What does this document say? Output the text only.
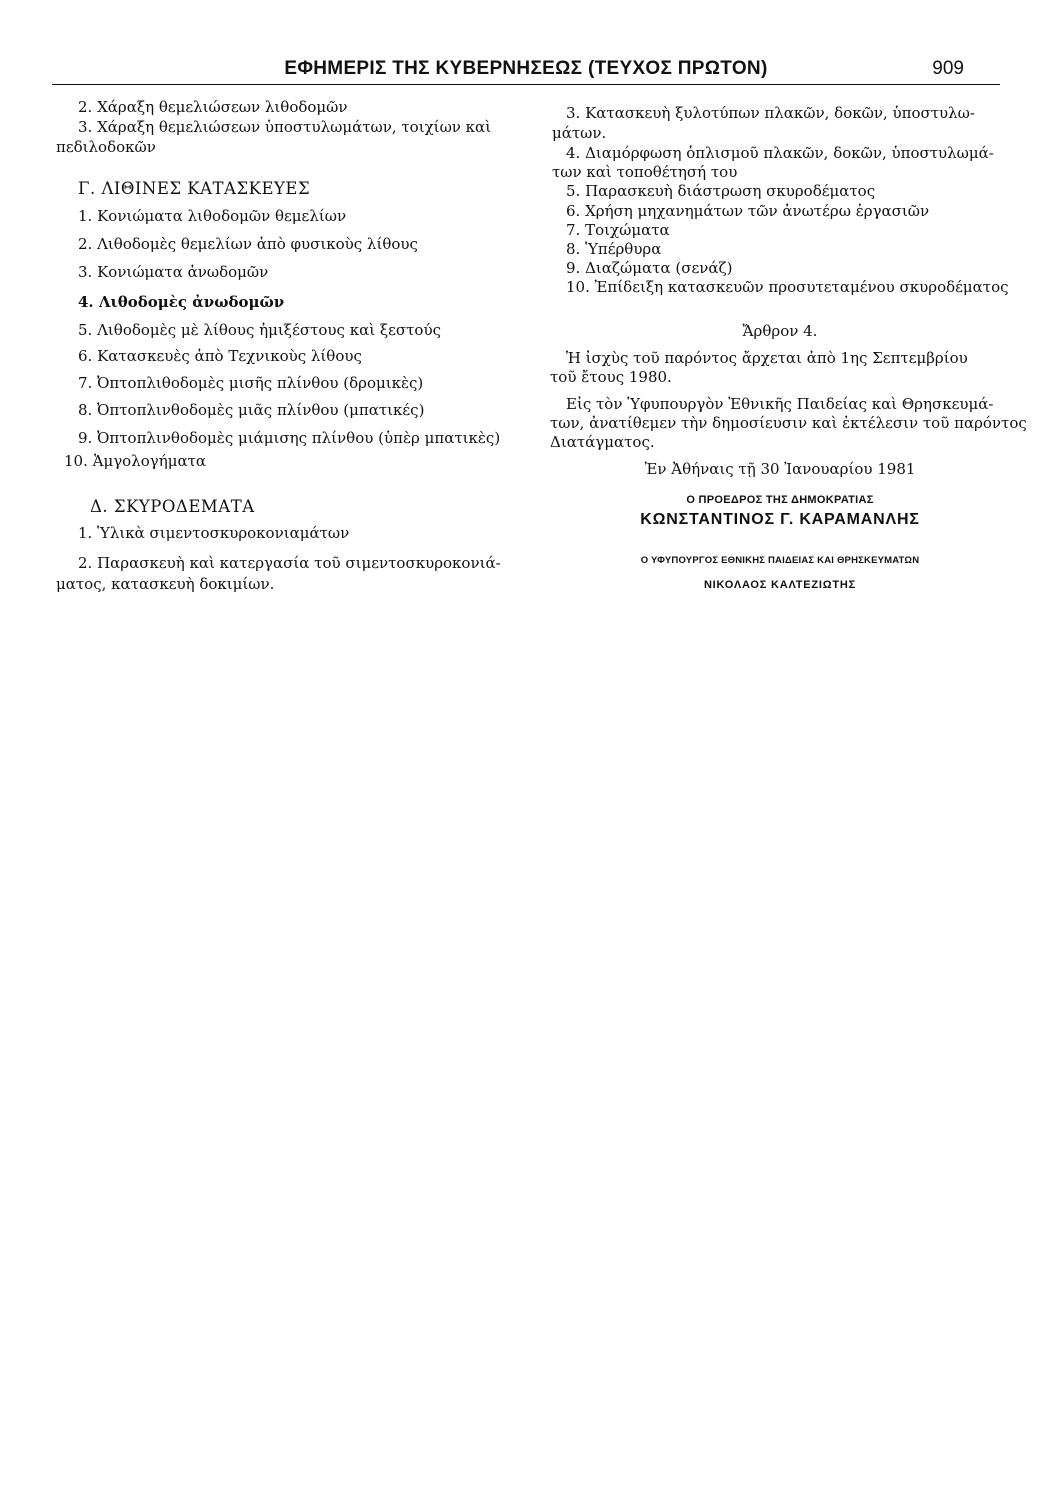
ΕΦΗΜΕΡΙΣ ΤΗΣ ΚΥΒΕΡΝΗΣΕΩΣ (ΤΕΥΧΟΣ ΠΡΩΤΟΝ)	909
2. Χάραξη θεμελιώσεων λιθοδομῶν
3. Χάραξη θεμελιώσεων ὑποστυλωμάτων, τοιχίων καὶ
πεδιλοδοκῶν
Γ. ΛΙΘΙΝΕΣ ΚΑΤΑΣΚΕΥΕΣ
1. Κονιώματα λιθοδομῶν θεμελίων
2. Λιθοδομὲς θεμελίων ἀπὸ φυσικοὺς λίθους
3. Κονιώματα ἀνωδομῶν
4. Λιθοδομὲς ἀνωδομῶν
5. Λιθοδομὲς μὲ λίθους ἡμιξέστους καὶ ξεστούς
6. Κατασκευὲς ἀπὸ Τεχνικοὺς λίθους
7. Ὀπτοπλιθοδομὲς μισῆς πλίνθου (δρομικὲς)
8. Ὀπτοπλινθοδομὲς μιᾶς πλίνθου (μπατικές)
9. Ὀπτοπλινθοδομὲς μιάμισης πλίνθου (ὑπὲρ μπατικὲς)
10. Ἁμγολογήματα
Δ. ΣΚΥΡΟΔΕΜΑΤΑ
1. Ὑλικὰ σιμεντοσκυροκονιαμάτων
2. Παρασκευὴ καὶ κατεργασία τοῦ σιμεντοσκυροκονιά-
ματος, κατασκευὴ δοκιμίων.
3. Κατασκευὴ ξυλοτύπων πλακῶν, δοκῶν, ὑποστυλω-
μάτων.
4. Διαμόρφωση ὁπλισμοῦ πλακῶν, δοκῶν, ὑποστυλωμά-
των καὶ τοποθέτησή του
5. Παρασκευὴ διάστρωση σκυροδέματος
6. Χρήση μηχανημάτων τῶν ἀνωτέρω ἐργασιῶν
7. Τοιχώματα
8. Ὑπέρθυρα
9. Διαζώματα (σενάζ)
10. Ἐπίδειξη κατασκευῶν προσυτεταμένου σκυροδέματος
Ἄρθρον 4.
Ἡ ἰσχὺς τοῦ παρόντος ἄρχεται ἀπὸ 1ης Σεπτεμβρίου
τοῦ ἔτους 1980.
Εἰς τὸν Ὑφυπουργὸν Ἐθνικῆς Παιδείας καὶ Θρησκευμά-
των, ἀνατίθεμεν τὴν δημοσίευσιν καὶ ἐκτέλεσιν τοῦ παρόντος
Διατάγματος.
Ἐν Ἀθήναις τῇ 30 Ἰανουαρίου 1981
Ο ΠΡΟΕΔΡΟΣ ΤΗΣ ΔΗΜΟΚΡΑΤΙΑΣ
ΚΩΝΣΤΑΝΤΙΝΟΣ Γ. ΚΑΡΑΜΑΝΛΗΣ
Ο ΥΦΥΠΟΥΡΓΟΣ ΕΘΝΙΚΗΣ ΠΑΙΔΕΙΑΣ ΚΑΙ ΘΡΗΣΚΕΥΜΑΤΩΝ
ΝΙΚΟΛΑΟΣ ΚΑΛΤΕΖΙΩΤΗΣ
